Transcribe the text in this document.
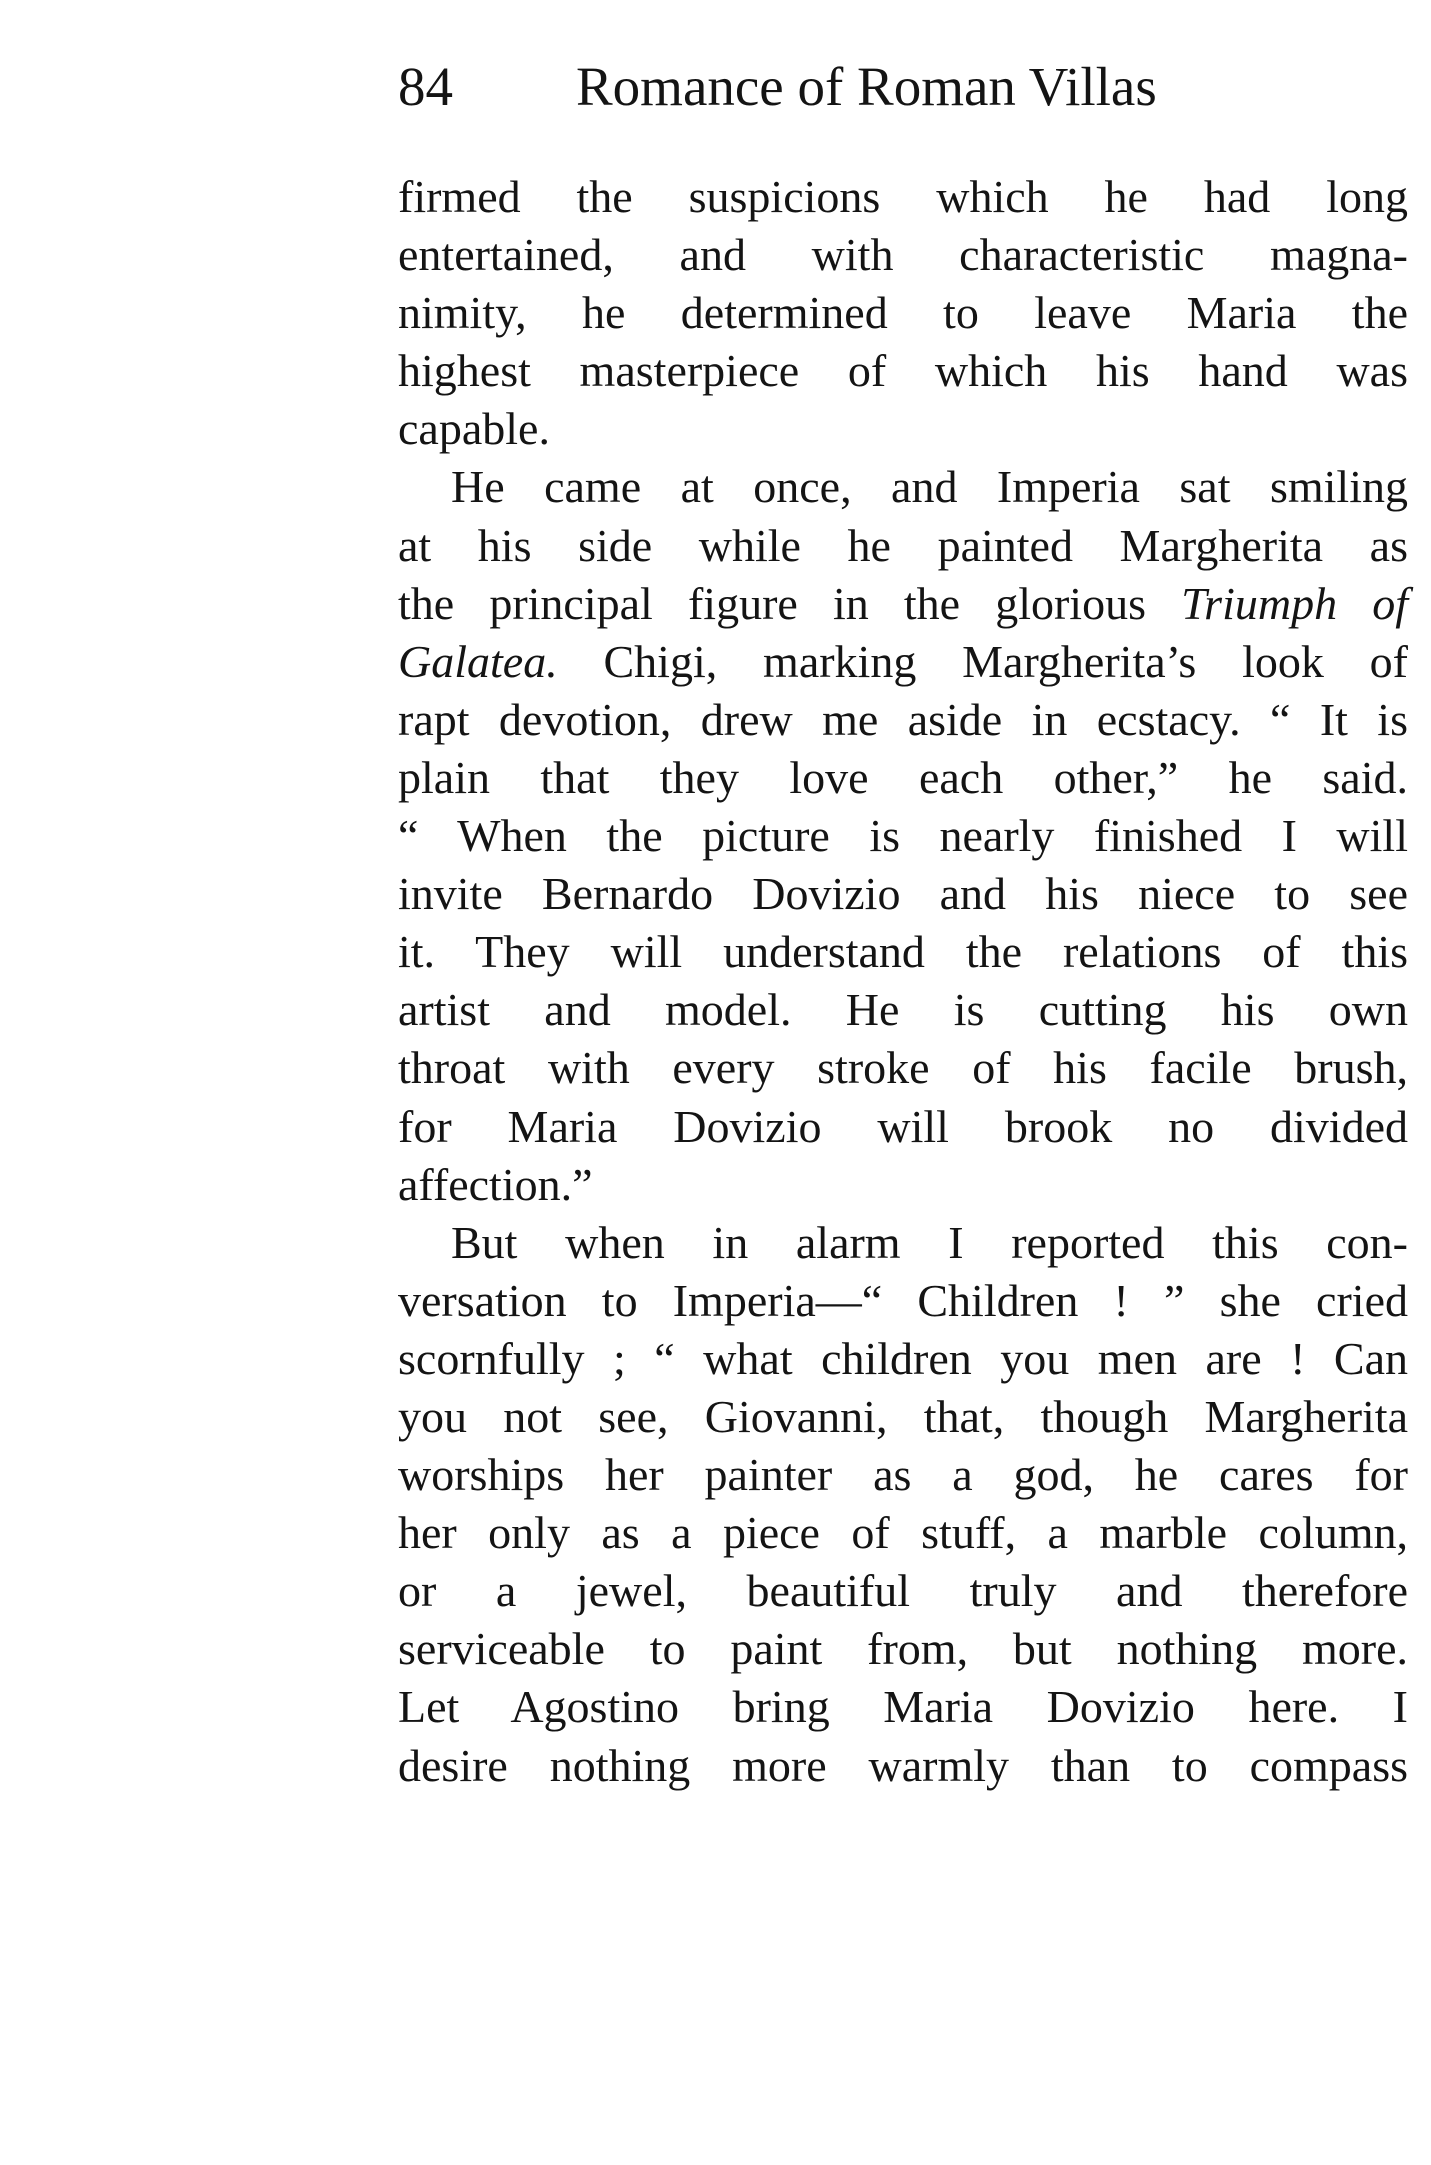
84 Romance of Roman Villas
firmed the suspicions which he had long
entertained, and with characteristic magna-
nimity, he determined to leave Maria the
highest masterpiece of which his hand was
capable.
He came at once, and Imperia sat smiling
at his side while he painted Margherita as
the principal figure in the glorious Triumph of
Galatea. Chigi, marking Margherita’s look of
rapt devotion, drew me aside in ecstacy. “ It is
plain that they love each other,” he said.
“ When the picture is nearly finished I will
invite Bernardo Dovizio and his niece to see
it. They will understand the relations of this
artist and model. He is cutting his own
throat with every stroke of his facile brush,
for Maria Dovizio will brook no divided
affection.”
But when in alarm I reported this con-
versation to Imperia—“ Children ! ” she cried
scornfully ; “ what children you men are ! Can
you not see, Giovanni, that, though Margherita
worships her painter as a god, he cares for
her only as a piece of stuff, a marble column,
or a jewel, beautiful truly and therefore
serviceable to paint from, but nothing more.
Let Agostino bring Maria Dovizio here. I
desire nothing more warmly than to compass
